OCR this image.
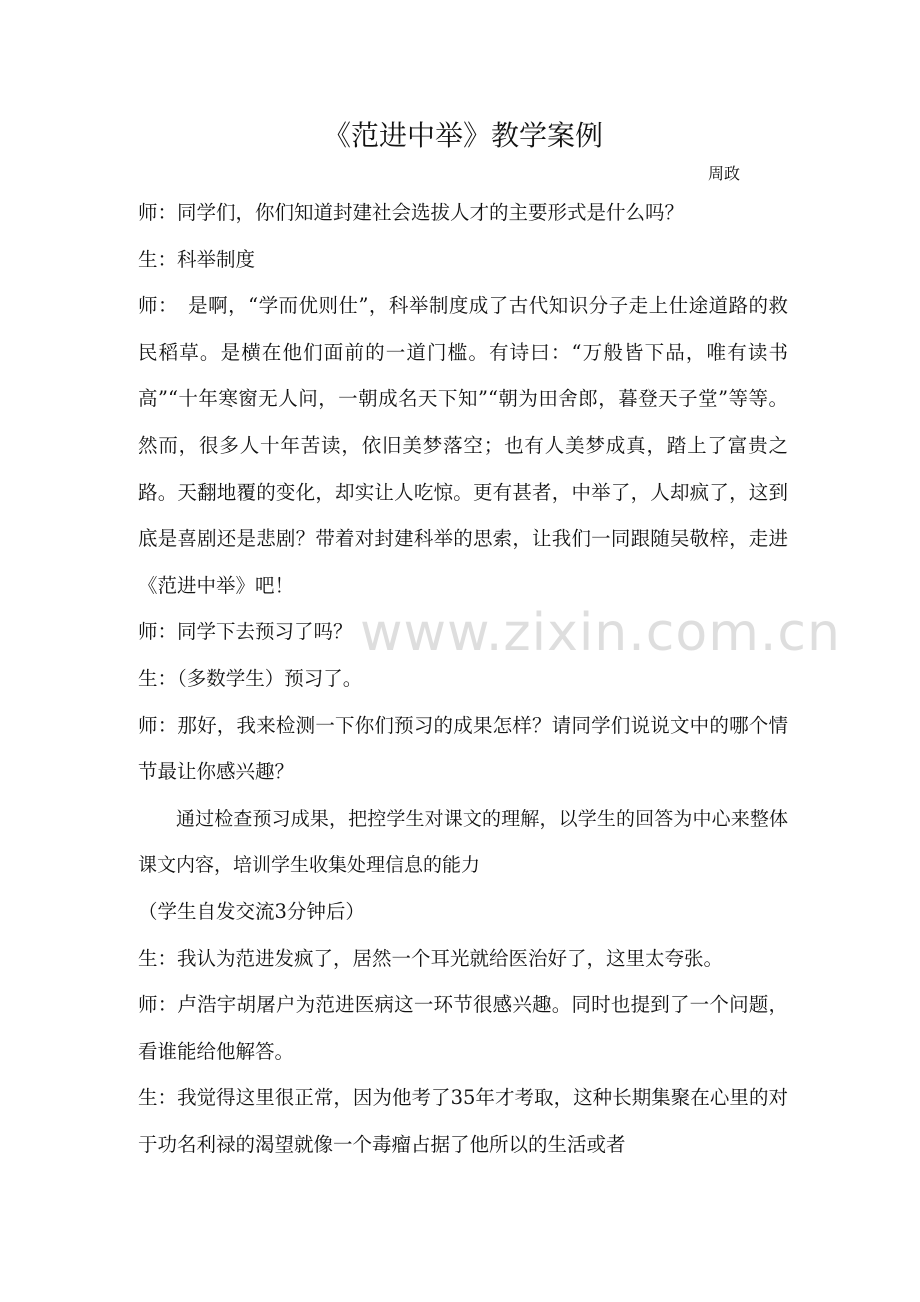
《范进中举》教学案例

周政

师：同学们，你们知道封建社会选拔人才的主要形式是什么吗？

生：科举制度

师：　是啊，“学而优则仕”，科举制度成了古代知识分子走上仕途道路的救民稻草。是横在他们面前的一道门槛。有诗曰：“万般皆下品，唯有读书高”“十年寒窗无人问，一朝成名天下知”“朝为田舍郎，暮登天子堂”等等。然而，很多人十年苦读，依旧美梦落空；也有人美梦成真，踏上了富贵之路。天翻地覆的变化，却实让人吃惊。更有甚者，中举了，人却疯了，这到底是喜剧还是悲剧？带着对封建科举的思索，让我们一同跟随吴敬梓，走进《范进中举》吧！

师：同学下去预习了吗？

生：（多数学生）预习了。

师：那好，我来检测一下你们预习的成果怎样？请同学们说说文中的哪个情节最让你感兴趣？

通过检查预习成果，把控学生对课文的理解，以学生的回答为中心来整体课文内容，培训学生收集处理信息的能力

（学生自发交流3分钟后）

生：我认为范进发疯了，居然一个耳光就给医治好了，这里太夸张。

师：卢浩宇胡屠户为范进医病这一环节很感兴趣。同时也提到了一个问题，看谁能给他解答。

生：我觉得这里很正常，因为他考了35年才考取，这种长期集聚在心里的对于功名利禄的渴望就像一个毒瘤占据了他所以的生活或者

www.zixin.com.cn
